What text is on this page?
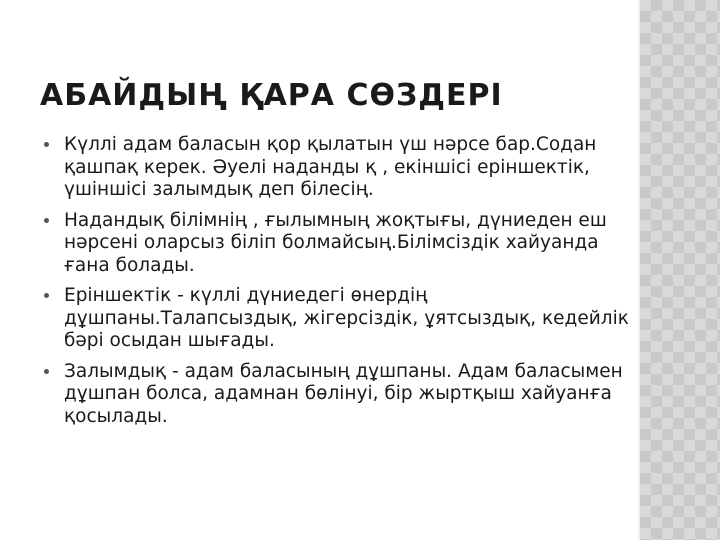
АБАЙДЫҢ ҚАРА СӨЗДЕРІ
Күллі адам баласын қор қылатын үш нәрсе бар.Содан қашпақ керек. Әуелі наданды қ , екіншісі еріншектік, үшіншісі залымдық деп білесің.
Надандық білімнің , ғылымның жоқтығы, дүниеден еш нәрсені оларсыз біліп болмайсың.Білімсіздік хайуанда ғана болады.
Еріншектік - күллі дүниедегі өнердің дұшпаны.Талапсыздық, жігерсіздік, ұятсыздық, кедейлік бәрі осыдан шығады.
Залымдық - адам баласының дұшпаны. Адам баласымен дұшпан болса, адамнан бөлінуі, бір жыртқыш хайуанға қосылады.
